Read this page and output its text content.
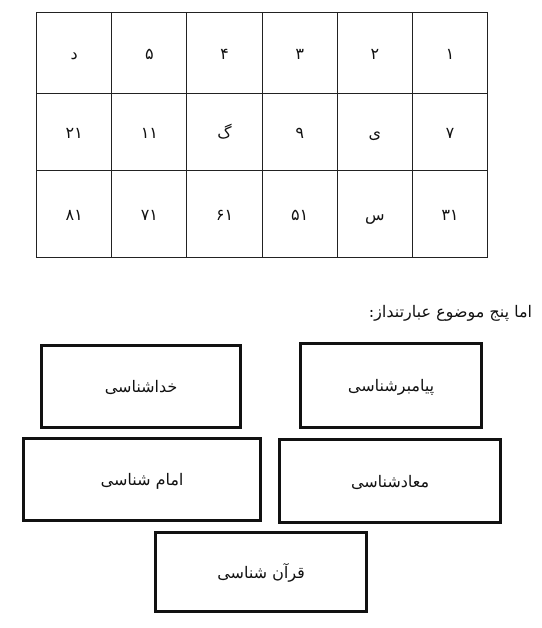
۱	۲	۳	۴	۵	د
۷	ی	۹	گ	۱۱	۲۱
۳۱	س	۵۱	۶۱	۷۱	۸۱
اما پنج موضوع عبارتنداز:
پیامبرشناسی
خداشناسی
معادشناسی
امام شناسی
قرآن شناسی
